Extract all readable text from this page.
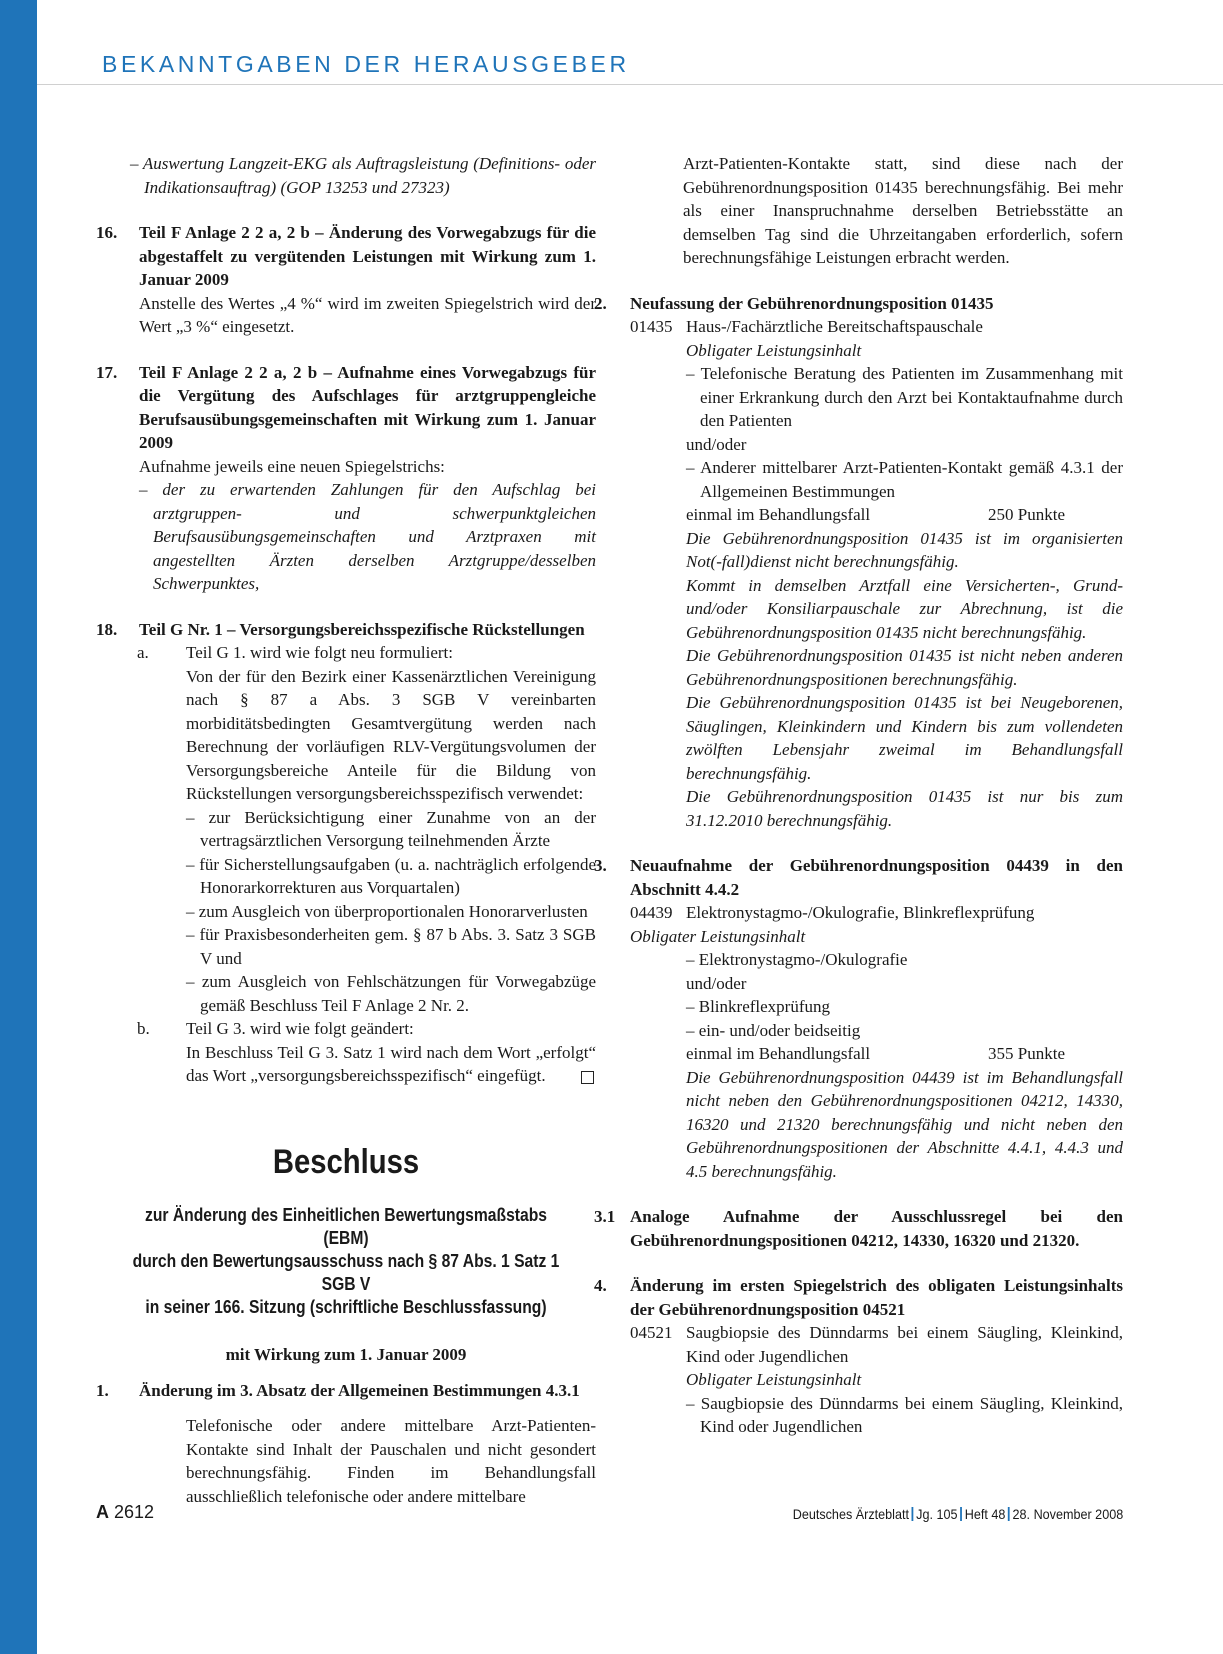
BEKANNTGABEN DER HERAUSGEBER

– Auswertung Langzeit-EKG als Auftragsleistung (Definitions- oder Indikationsauftrag) (GOP 13253 und 27323)

16. Teil F Anlage 2 2 a, 2 b – Änderung des Vorwegabzugs für die abgestaffelt zu vergütenden Leistungen mit Wirkung zum 1. Januar 2009

Anstelle des Wertes „4 %“ wird im zweiten Spiegelstrich wird der Wert „3 %“ eingesetzt.

17. Teil F Anlage 2 2 a, 2 b – Aufnahme eines Vorwegabzugs für die Vergütung des Aufschlages für arztgruppengleiche Berufsausübungsgemeinschaften mit Wirkung zum 1. Januar 2009

Aufnahme jeweils eine neuen Spiegelstrichs:

– der zu erwartenden Zahlungen für den Aufschlag bei arztgruppen- und schwerpunktgleichen Berufsausübungsgemeinschaften und Arztpraxen mit angestellten Ärzten derselben Arztgruppe/desselben Schwerpunktes,

18. Teil G Nr. 1 – Versorgungsbereichsspezifische Rückstellungen

a. Teil G 1. wird wie folgt neu formuliert:

Von der für den Bezirk einer Kassenärztlichen Vereinigung nach § 87 a Abs. 3 SGB V vereinbarten morbiditätsbedingten Gesamtvergütung werden nach Berechnung der vorläufigen RLV-Vergütungsvolumen der Versorgungsbereiche Anteile für die Bildung von Rückstellungen versorgungsbereichsspezifisch verwendet:

– zur Berücksichtigung einer Zunahme von an der vertragsärztlichen Versorgung teilnehmenden Ärzte

– für Sicherstellungsaufgaben (u. a. nachträglich erfolgende Honorarkorrekturen aus Vorquartalen)

– zum Ausgleich von überproportionalen Honorarverlusten

– für Praxisbesonderheiten gem. § 87 b Abs. 3. Satz 3 SGB V und

– zum Ausgleich von Fehlschätzungen für Vorwegabzüge gemäß Beschluss Teil F Anlage 2 Nr. 2.

b. Teil G 3. wird wie folgt geändert:

In Beschluss Teil G 3. Satz 1 wird nach dem Wort „erfolgt“ das Wort „versorgungsbereichsspezifisch“ eingefügt.

Beschluss
zur Änderung des Einheitlichen Bewertungsmaßstabs (EBM)
durch den Bewertungsausschuss nach § 87 Abs. 1 Satz 1 SGB V
in seiner 166. Sitzung (schriftliche Beschlussfassung)
mit Wirkung zum 1. Januar 2009
1. Änderung im 3. Absatz der Allgemeinen Bestimmungen 4.3.1

Telefonische oder andere mittelbare Arzt-Patienten-Kontakte sind Inhalt der Pauschalen und nicht gesondert berechnungsfähig. Finden im Behandlungsfall ausschließlich telefonische oder andere mittelbare

Arzt-Patienten-Kontakte statt, sind diese nach der Gebührenordnungsposition 01435 berechnungsfähig. Bei mehr als einer Inanspruchnahme derselben Betriebsstätte an demselben Tag sind die Uhrzeitangaben erforderlich, sofern berechnungsfähige Leistungen erbracht werden.

2. Neufassung der Gebührenordnungsposition 01435

01435 Haus-/Fachärztliche Bereitschaftspauschale

Obligater Leistungsinhalt

– Telefonische Beratung des Patienten im Zusammenhang mit einer Erkrankung durch den Arzt bei Kontaktaufnahme durch den Patienten

und/oder

– Anderer mittelbarer Arzt-Patienten-Kontakt gemäß 4.3.1 der Allgemeinen Bestimmungen

einmal im Behandlungsfall	250 Punkte

Die Gebührenordnungsposition 01435 ist im organisierten Not(-fall)dienst nicht berechnungsfähig.

Kommt in demselben Arztfall eine Versicherten-, Grund- und/oder Konsiliarpauschale zur Abrechnung, ist die Gebührenordnungsposition 01435 nicht berechnungsfähig.

Die Gebührenordnungsposition 01435 ist nicht neben anderen Gebührenordnungspositionen berechnungsfähig.

Die Gebührenordnungsposition 01435 ist bei Neugeborenen, Säuglingen, Kleinkindern und Kindern bis zum vollendeten zwölften Lebensjahr zweimal im Behandlungsfall berechnungsfähig.

Die Gebührenordnungsposition 01435 ist nur bis zum 31.12.2010 berechnungsfähig.

3. Neuaufnahme der Gebührenordnungsposition 04439 in den Abschnitt 4.4.2

04439 Elektronystagmo-/Okulografie, Blinkreflexprüfung

Obligater Leistungsinhalt

– Elektronystagmo-/Okulografie

und/oder

– Blinkreflexprüfung

– ein- und/oder beidseitig

einmal im Behandlungsfall	355 Punkte

Die Gebührenordnungsposition 04439 ist im Behandlungsfall nicht neben den Gebührenordnungspositionen 04212, 14330, 16320 und 21320 berechnungsfähig und nicht neben den Gebührenordnungspositionen der Abschnitte 4.4.1, 4.4.3 und 4.5 berechnungsfähig.

3.1 Analoge Aufnahme der Ausschlussregel bei den Gebührenordnungspositionen 04212, 14330, 16320 und 21320.

4. Änderung im ersten Spiegelstrich des obligaten Leistungsinhalts der Gebührenordnungsposition 04521

04521 Saugbiopsie des Dünndarms bei einem Säugling, Kleinkind, Kind oder Jugendlichen

Obligater Leistungsinhalt

– Saugbiopsie des Dünndarms bei einem Säugling, Kleinkind, Kind oder Jugendlichen

A 2612	Deutsches Ärzteblatt Jg. 105 Heft 48 28. November 2008
